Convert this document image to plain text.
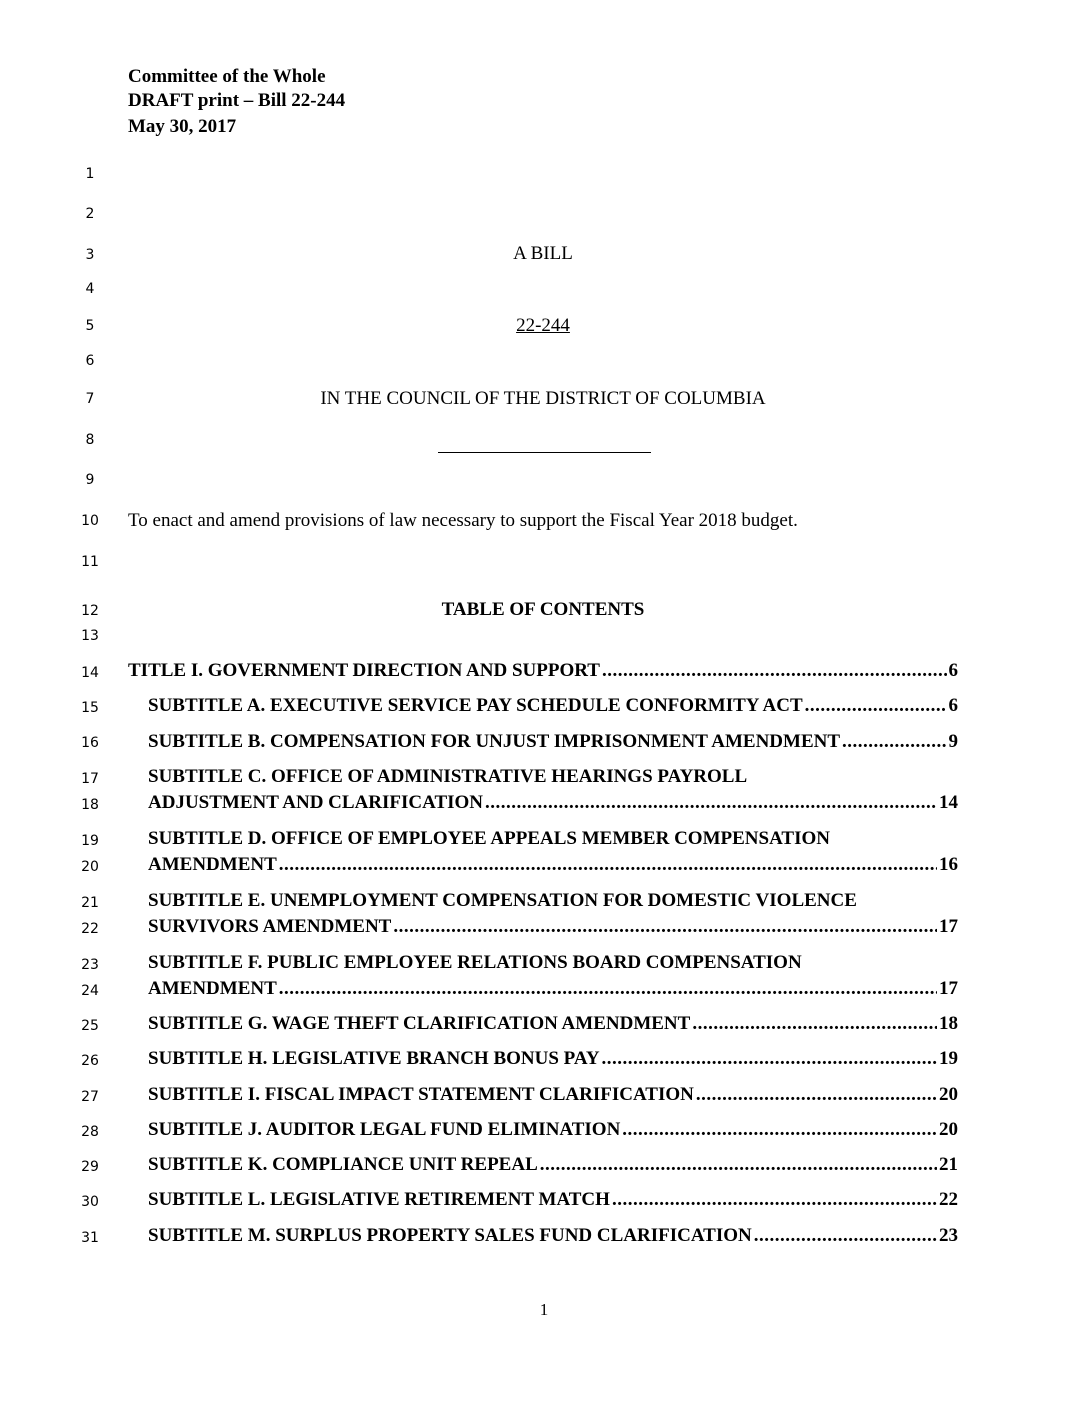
Committee of the Whole
DRAFT print – Bill 22-244
May 30, 2017
1
2
3
4
5
6
7
8
9
10
11
12
13
14
15
16
17
18
19
20
21
22
23
24
25
26
27
28
29
30
31
A BILL
22-244
IN THE COUNCIL OF THE DISTRICT OF COLUMBIA
To enact and amend provisions of law necessary to support the Fiscal Year 2018 budget.
TABLE OF CONTENTS
TITLE I. GOVERNMENT DIRECTION AND SUPPORT .....	6
SUBTITLE A. EXECUTIVE SERVICE PAY SCHEDULE CONFORMITY ACT .....	6
SUBTITLE B. COMPENSATION FOR UNJUST IMPRISONMENT AMENDMENT .....	9
SUBTITLE C. OFFICE OF ADMINISTRATIVE HEARINGS PAYROLL
ADJUSTMENT AND CLARIFICATION .....	14
SUBTITLE D. OFFICE OF EMPLOYEE APPEALS MEMBER COMPENSATION
AMENDMENT .....	16
SUBTITLE E. UNEMPLOYMENT COMPENSATION FOR DOMESTIC VIOLENCE
SURVIVORS AMENDMENT .....	17
SUBTITLE F. PUBLIC EMPLOYEE RELATIONS BOARD COMPENSATION
AMENDMENT .....	17
SUBTITLE G. WAGE THEFT CLARIFICATION AMENDMENT .....	18
SUBTITLE H. LEGISLATIVE BRANCH BONUS PAY .....	19
SUBTITLE I. FISCAL IMPACT STATEMENT CLARIFICATION .....	20
SUBTITLE J. AUDITOR LEGAL FUND ELIMINATION .....	20
SUBTITLE K. COMPLIANCE UNIT REPEAL .....	21
SUBTITLE L. LEGISLATIVE RETIREMENT MATCH .....	22
SUBTITLE M. SURPLUS PROPERTY SALES FUND CLARIFICATION .....	23
1
